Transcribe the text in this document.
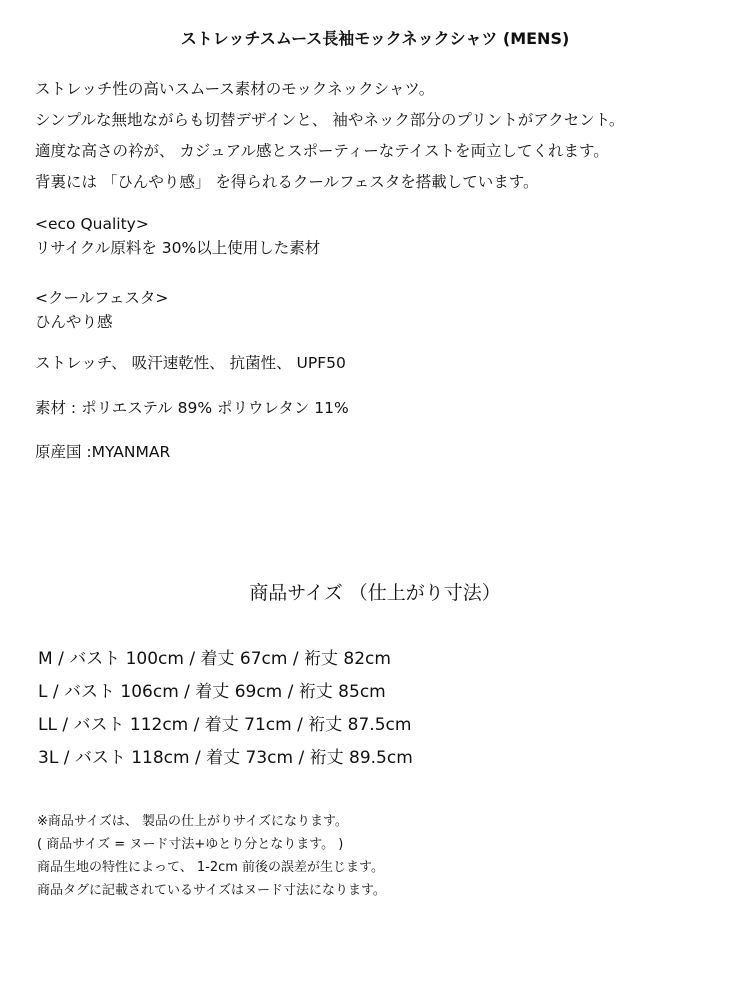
ストレッチスムース長袖モックネックシャツ (MENS)

ストレッチ性の高いスムース素材のモックネックシャツ。

シンプルな無地ながらも切替デザインと、 袖やネック部分のプリントがアクセント。

適度な高さの衿が、 カジュアル感とスポーティーなテイストを両立してくれます。

背裏には 「ひんやり感」 を得られるクールフェスタを搭載しています。

<eco Quality>

リサイクル原料を 30%以上使用した素材

<クールフェスタ>

ひんやり感

ストレッチ、 吸汗速乾性、 抗菌性、 UPF50

素材 : ポリエステル 89% ポリウレタン 11%

原産国 :MYANMAR

商品サイズ （仕上がり寸法）

M / バスト 100cm / 着丈 67cm / 裄丈 82cm

L / バスト 106cm / 着丈 69cm / 裄丈 85cm

LL / バスト 112cm / 着丈 71cm / 裄丈 87.5cm

3L / バスト 118cm / 着丈 73cm / 裄丈 89.5cm

※商品サイズは、 製品の仕上がりサイズになります。

( 商品サイズ = ヌード寸法+ゆとり分となります。 )

商品生地の特性によって、 1-2cm 前後の誤差が生じます。

商品タグに記載されているサイズはヌード寸法になります。
